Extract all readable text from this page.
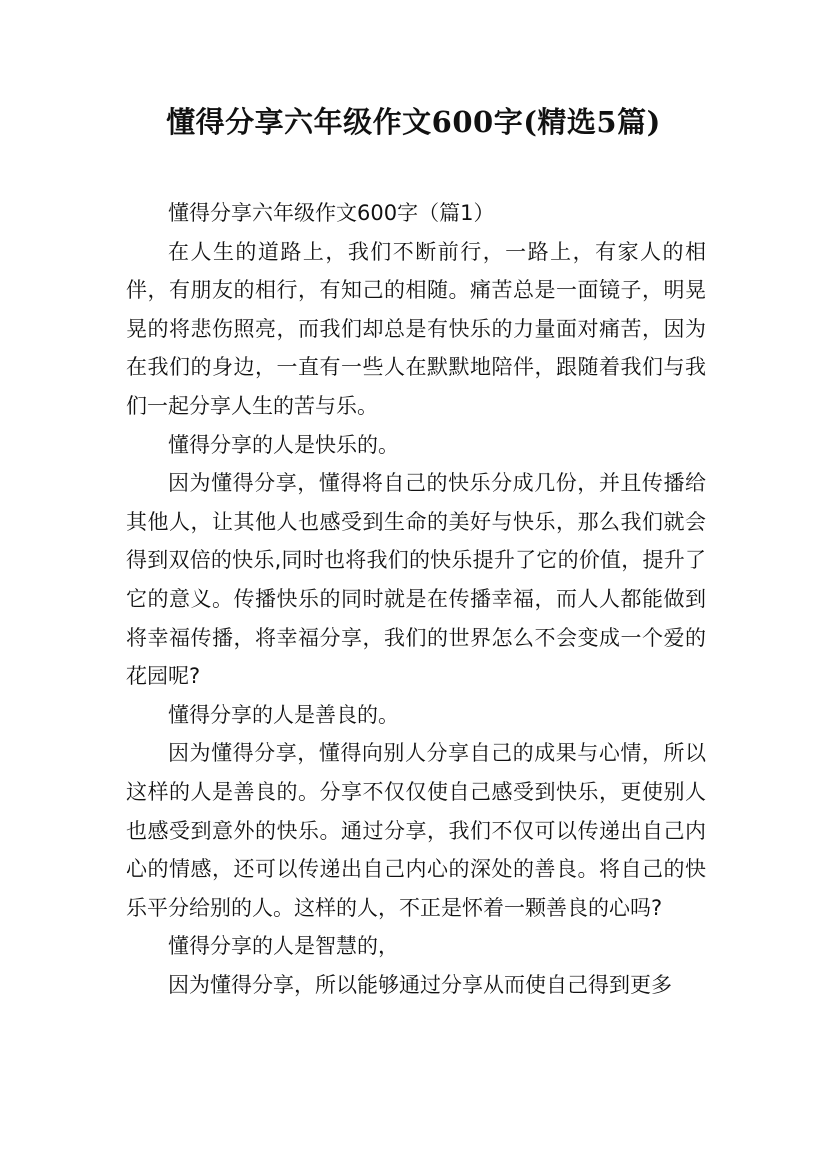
懂得分享六年级作文600字(精选5篇)

懂得分享六年级作文600字（篇1）

在人生的道路上，我们不断前行，一路上，有家人的相伴，有朋友的相行，有知己的相随。痛苦总是一面镜子，明晃晃的将悲伤照亮，而我们却总是有快乐的力量面对痛苦，因为在我们的身边，一直有一些人在默默地陪伴，跟随着我们与我们一起分享人生的苦与乐。

懂得分享的人是快乐的。

因为懂得分享，懂得将自己的快乐分成几份，并且传播给其他人，让其他人也感受到生命的美好与快乐，那么我们就会得到双倍的快乐,同时也将我们的快乐提升了它的价值，提升了它的意义。传播快乐的同时就是在传播幸福，而人人都能做到将幸福传播，将幸福分享，我们的世界怎么不会变成一个爱的花园呢?

懂得分享的人是善良的。

因为懂得分享，懂得向别人分享自己的成果与心情，所以这样的人是善良的。分享不仅仅使自己感受到快乐，更使别人也感受到意外的快乐。通过分享，我们不仅可以传递出自己内心的情感，还可以传递出自己内心的深处的善良。将自己的快乐平分给别的人。这样的人，不正是怀着一颗善良的心吗?

懂得分享的人是智慧的，

因为懂得分享，所以能够通过分享从而使自己得到更多
